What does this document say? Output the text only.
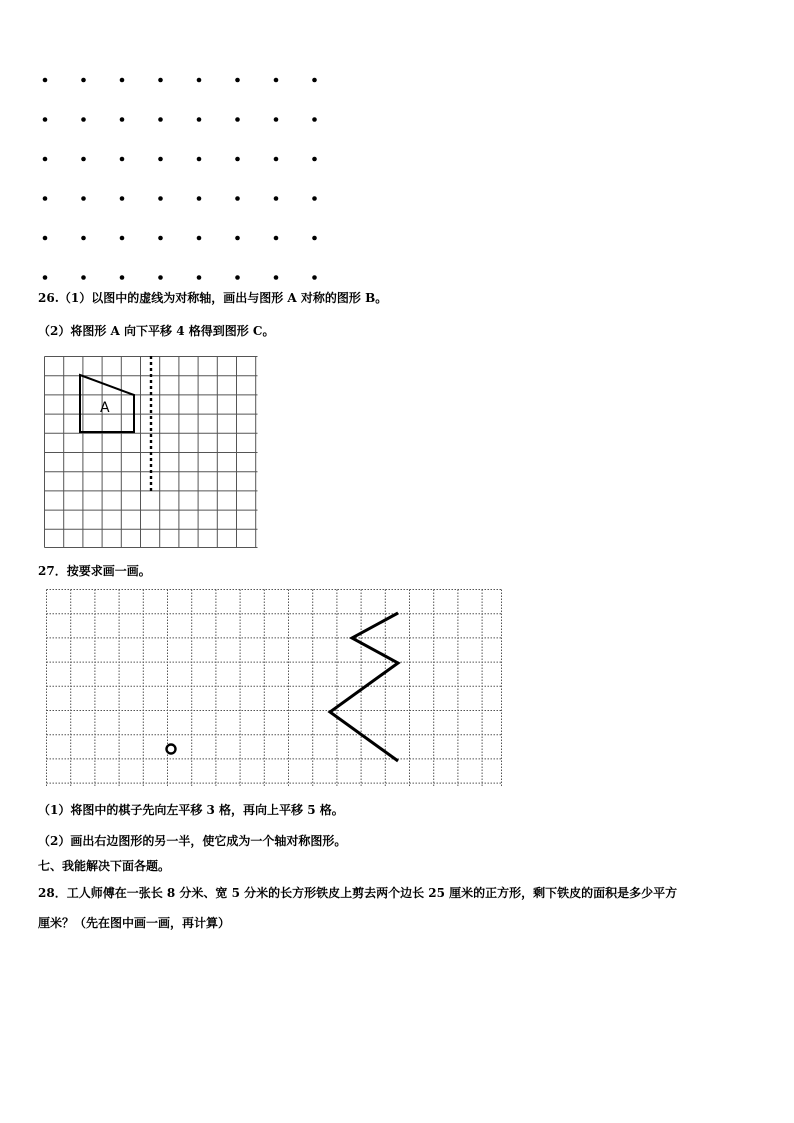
26.（1）以图中的虚线为对称轴，画出与图形 A 对称的图形 B。
（2）将图形 A 向下平移 4 格得到图形 C。
A
27．按要求画一画。
（1）将图中的棋子先向左平移 3 格，再向上平移 5 格。
（2）画出右边图形的另一半，使它成为一个轴对称图形。
七、我能解决下面各题。
28．工人师傅在一张长 8 分米、宽 5 分米的长方形铁皮上剪去两个边长 25 厘米的正方形，剩下铁皮的面积是多少平方
厘米？（先在图中画一画，再计算）
